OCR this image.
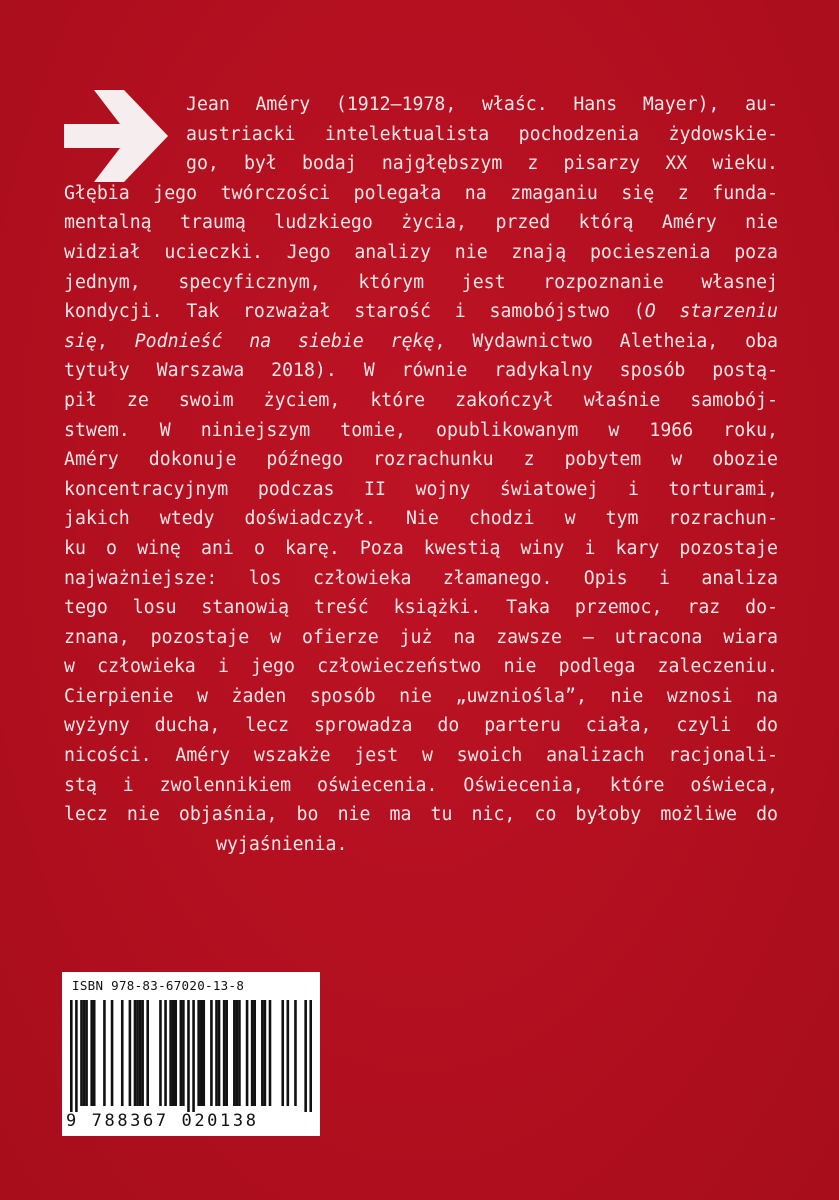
Jean Améry (1912–1978, właśc. Hans Mayer), au-
austriacki intelektualista pochodzenia żydowskie-
go, był bodaj najgłębszym z pisarzy XX wieku.
Głębia jego twórczości polegała na zmaganiu się z funda-
mentalną traumą ludzkiego życia, przed którą Améry nie
widział ucieczki. Jego analizy nie znają pocieszenia poza
jednym, specyficznym, którym jest rozpoznanie własnej
kondycji. Tak rozważał starość i samobójstwo (O starzeniu
się, Podnieść na siebie rękę, Wydawnictwo Aletheia, oba
tytuły Warszawa 2018). W równie radykalny sposób postą-
pił ze swoim życiem, które zakończył właśnie samobój-
stwem. W niniejszym tomie, opublikowanym w 1966 roku,
Améry dokonuje późnego rozrachunku z pobytem w obozie
koncentracyjnym podczas II wojny światowej i torturami,
jakich wtedy doświadczył. Nie chodzi w tym rozrachun-
ku o winę ani o karę. Poza kwestią winy i kary pozostaje
najważniejsze: los człowieka złamanego. Opis i analiza
tego losu stanowią treść książki. Taka przemoc, raz do-
znana, pozostaje w ofierze już na zawsze – utracona wiara
w człowieka i jego człowieczeństwo nie podlega zaleczeniu.
Cierpienie w żaden sposób nie „uwzniośla”, nie wznosi na
wyżyny ducha, lecz sprowadza do parteru ciała, czyli do
nicości. Améry wszakże jest w swoich analizach racjonali-
stą i zwolennikiem oświecenia. Oświecenia, które oświeca,
lecz nie objaśnia, bo nie ma tu nic, co byłoby możliwe do
wyjaśnienia.
ISBN 978-83-67020-13-8
9 788367 020138
